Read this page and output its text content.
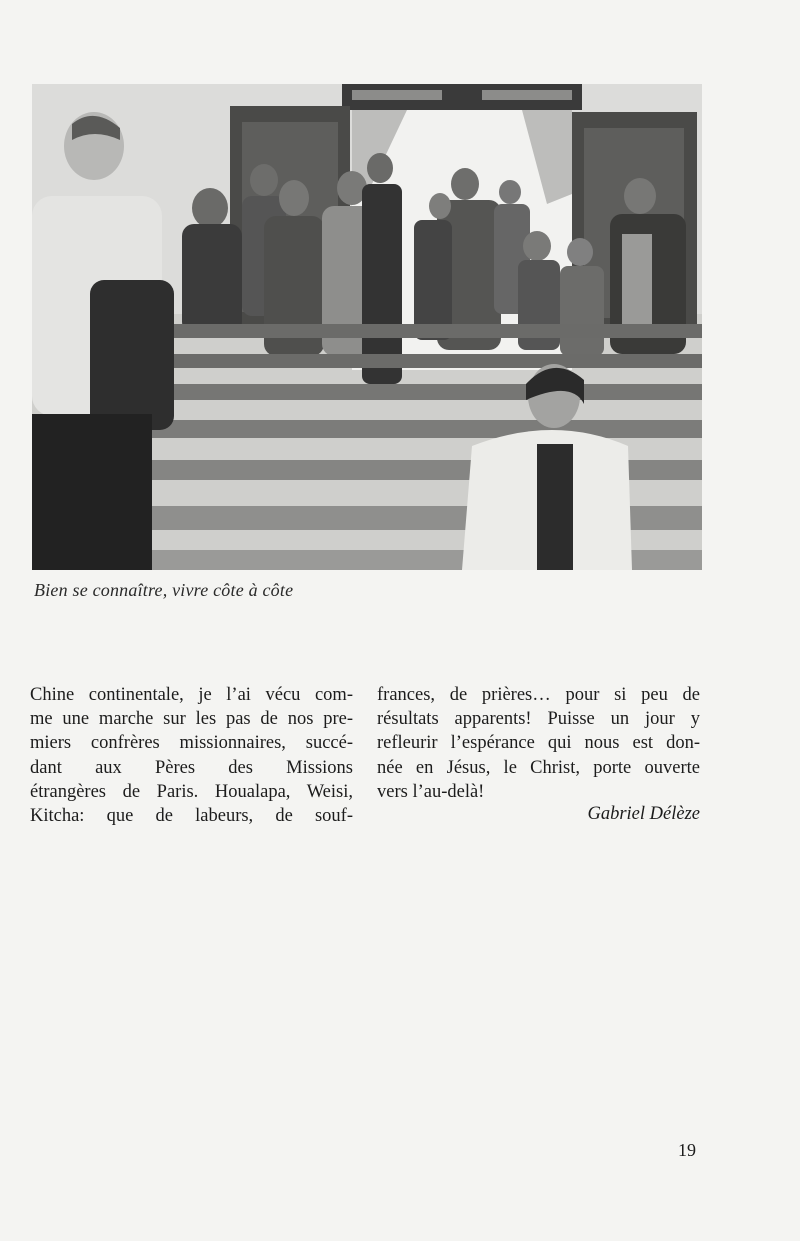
Bien se connaître, vivre côte à côte
Chine continentale, je l’ai vécu com-
me une marche sur les pas de nos pre-
miers confrères missionnaires, succé-
dant aux Pères des Missions
étrangères de Paris. Houalapa, Weisi,
Kitcha: que de labeurs, de souf-
frances, de prières… pour si peu de
résultats apparents! Puisse un jour y
refleurir l’espérance qui nous est don-
née en Jésus, le Christ, porte ouverte
vers l’au-delà!
Gabriel Délèze
19
